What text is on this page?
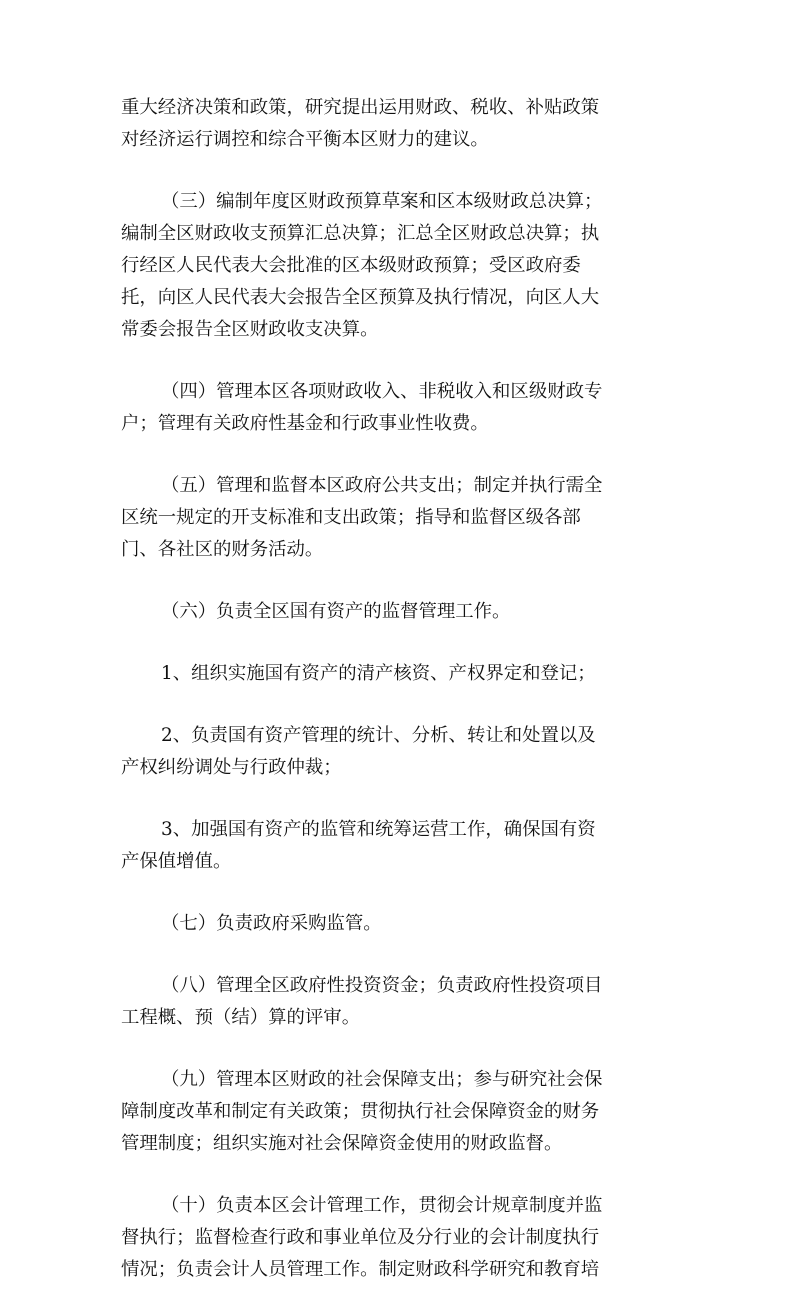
重大经济决策和政策，研究提出运用财政、税收、补贴政策
对经济运行调控和综合平衡本区财力的建议。

（三）编制年度区财政预算草案和区本级财政总决算；
编制全区财政收支预算汇总决算；汇总全区财政总决算；执
行经区人民代表大会批准的区本级财政预算；受区政府委
托，向区人民代表大会报告全区预算及执行情况，向区人大
常委会报告全区财政收支决算。

（四）管理本区各项财政收入、非税收入和区级财政专
户；管理有关政府性基金和行政事业性收费。

（五）管理和监督本区政府公共支出；制定并执行需全
区统一规定的开支标准和支出政策；指导和监督区级各部
门、各社区的财务活动。

（六）负责全区国有资产的监督管理工作。

1、组织实施国有资产的清产核资、产权界定和登记；

2、负责国有资产管理的统计、分析、转让和处置以及
产权纠纷调处与行政仲裁；

3、加强国有资产的监管和统筹运营工作，确保国有资
产保值增值。

（七）负责政府采购监管。

（八）管理全区政府性投资资金；负责政府性投资项目
工程概、预（结）算的评审。

（九）管理本区财政的社会保障支出；参与研究社会保
障制度改革和制定有关政策；贯彻执行社会保障资金的财务
管理制度；组织实施对社会保障资金使用的财政监督。

（十）负责本区会计管理工作，贯彻会计规章制度并监
督执行；监督检查行政和事业单位及分行业的会计制度执行
情况；负责会计人员管理工作。制定财政科学研究和教育培
